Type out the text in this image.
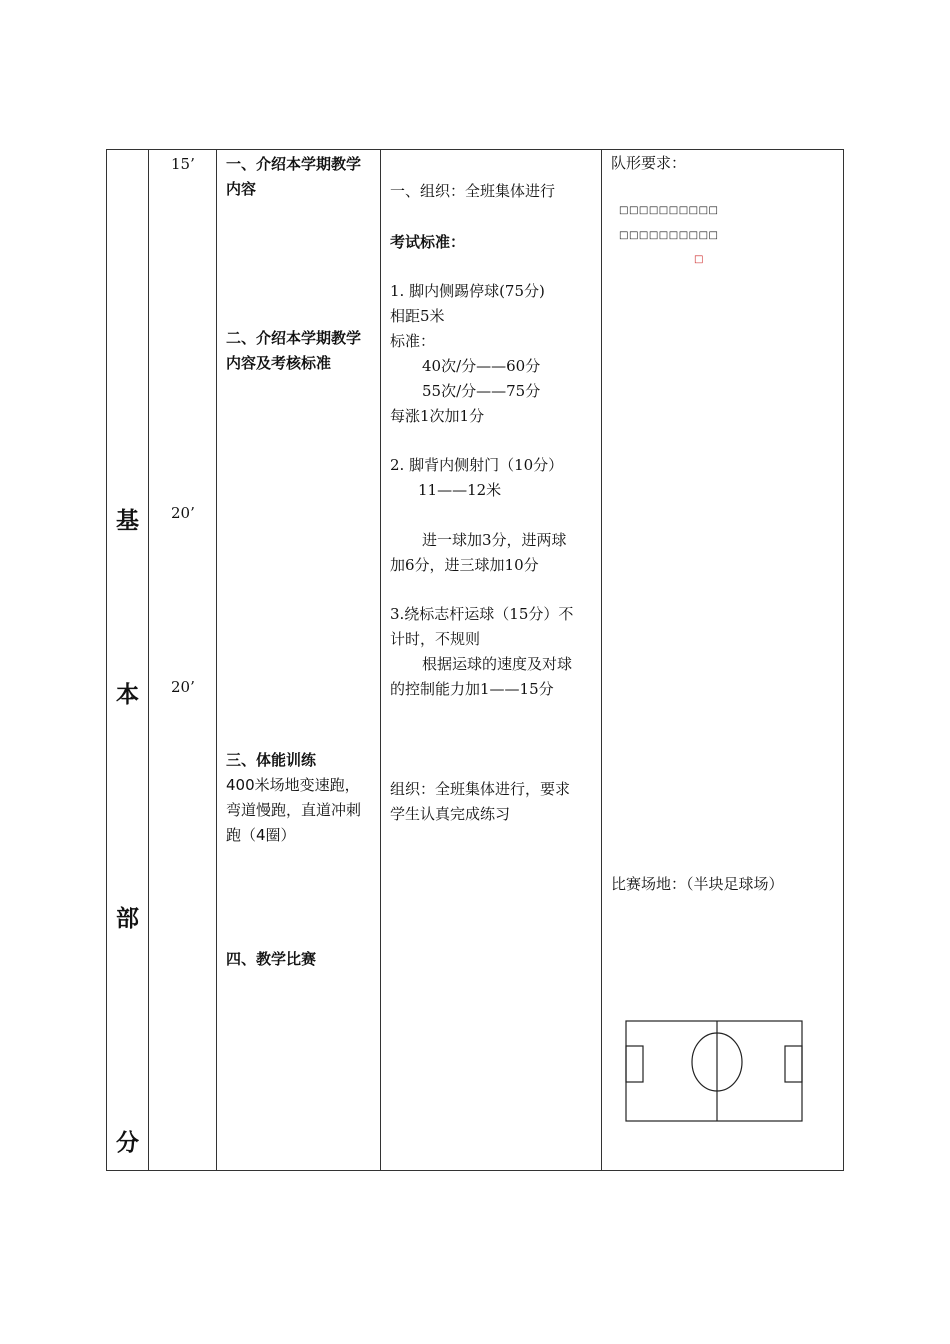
基
本
部
分
15’
20’
20’
一、介绍本学期教学
内容
二、介绍本学期教学
内容及考核标准
三、体能训练
400米场地变速跑，
弯道慢跑，直道冲刺
跑（4圈）
四、教学比赛
一、组织：全班集体进行
考试标准：
1. 脚内侧踢停球(75分)
相距5米
标准：
40次/分——60分
55次/分——75分
每涨1次加1分
2. 脚背内侧射门（10分）
11——12米
进一球加3分，进两球
加6分，进三球加10分
3.绕标志杆运球（15分）不
计时，不规则
根据运球的速度及对球
的控制能力加1——15分
组织：全班集体进行，要求
学生认真完成练习
队形要求：
□□□□□□□□□□
□□□□□□□□□□
□
比赛场地：（半块足球场）
